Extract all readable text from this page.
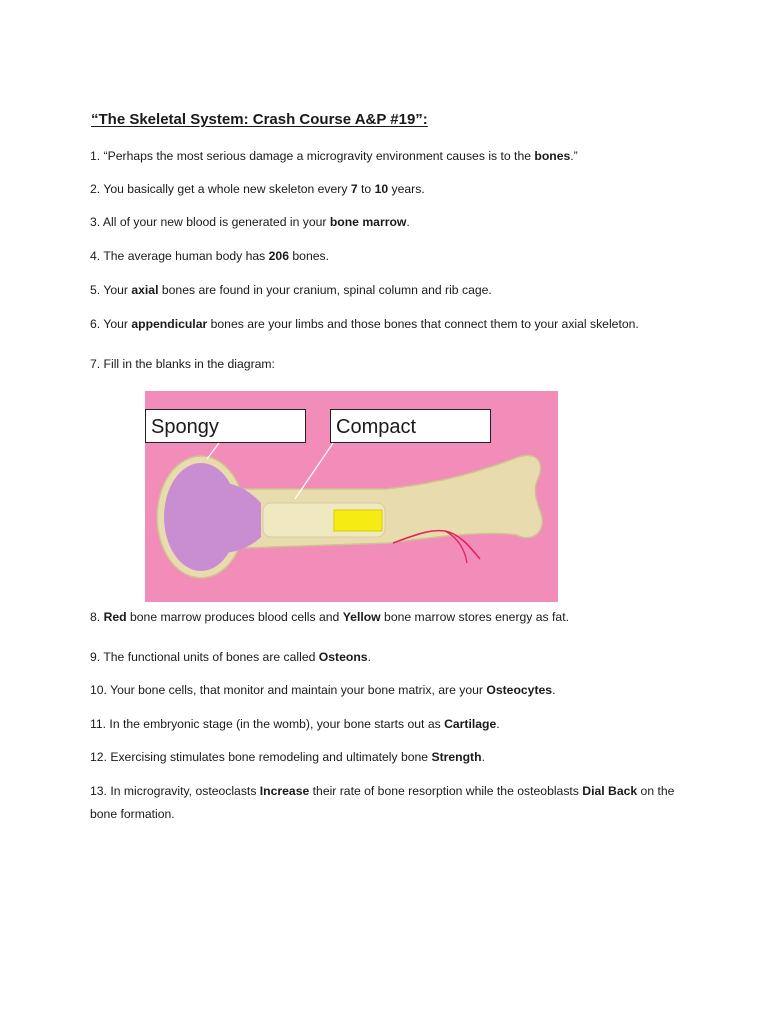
“The Skeletal System: Crash Course A&P #19”:

1. “Perhaps the most serious damage a microgravity environment causes is to the bones.”

2. You basically get a whole new skeleton every 7 to 10 years.

3. All of your new blood is generated in your bone marrow.

4. The average human body has 206 bones.

5. Your axial bones are found in your cranium, spinal column and rib cage.

6. Your appendicular bones are your limbs and those bones that connect them to your axial skeleton.

7. Fill in the blanks in the diagram:

Spongy	Compact

8. Red bone marrow produces blood cells and Yellow bone marrow stores energy as fat.

9. The functional units of bones are called Osteons.

10. Your bone cells, that monitor and maintain your bone matrix, are your Osteocytes.

11. In the embryonic stage (in the womb), your bone starts out as Cartilage.

12. Exercising stimulates bone remodeling and ultimately bone Strength.

13. In microgravity, osteoclasts Increase their rate of bone resorption while the osteoblasts Dial Back on the bone formation.
